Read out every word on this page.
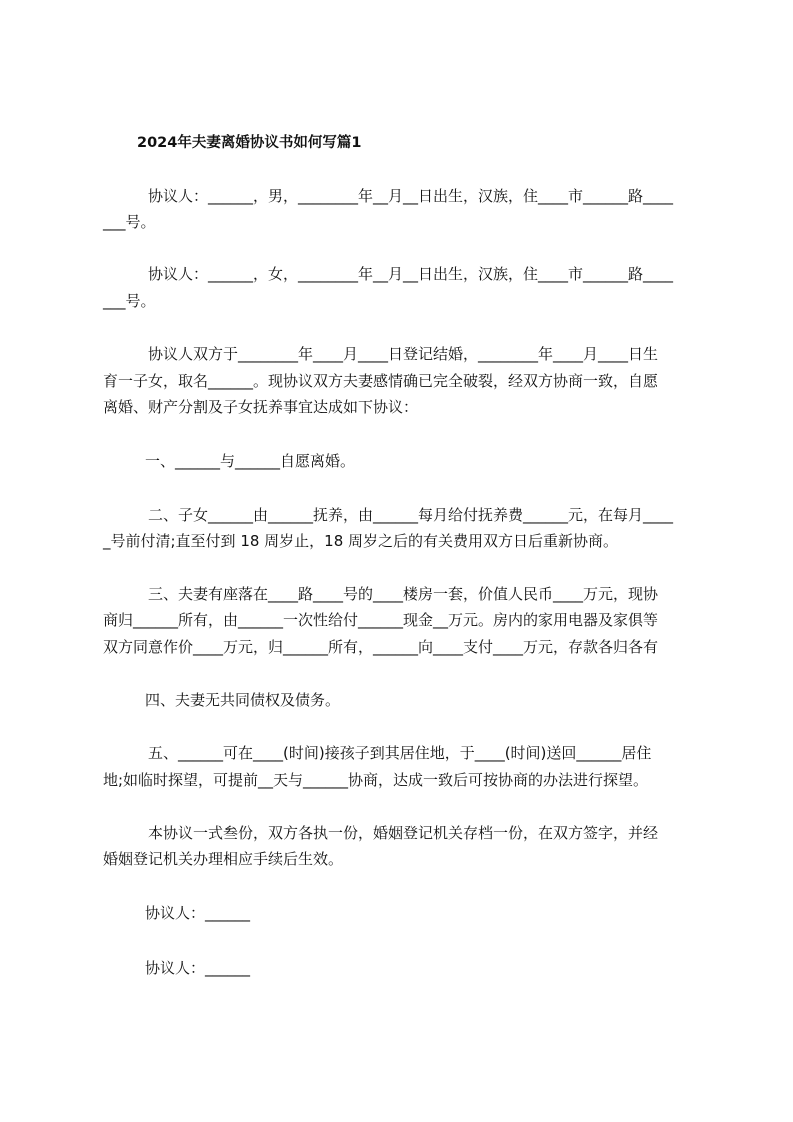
2024年夫妻离婚协议书如何写篇1
协议人：______，男，________年__月__日出生，汉族，住____市______路____
___号。
协议人：______，女，________年__月__日出生，汉族，住____市______路____
___号。
协议人双方于________年____月____日登记结婚，________年____月____日生
育一子女，取名______。现协议双方夫妻感情确已完全破裂，经双方协商一致，自愿
离婚、财产分割及子女抚养事宜达成如下协议：
一、______与______自愿离婚。
二、子女______由______抚养，由______每月给付抚养费______元，在每月____
_号前付清;直至付到 18 周岁止，18 周岁之后的有关费用双方日后重新协商。
三、夫妻有座落在____路____号的____楼房一套，价值人民币____万元，现协
商归______所有，由______一次性给付______现金__万元。房内的家用电器及家俱等
双方同意作价____万元，归______所有，______向____支付____万元，存款各归各有
四、夫妻无共同债权及债务。
五、______可在____(时间)接孩子到其居住地，于____(时间)送回______居住
地;如临时探望，可提前__天与______协商，达成一致后可按协商的办法进行探望。
本协议一式叁份，双方各执一份，婚姻登记机关存档一份，在双方签字，并经
婚姻登记机关办理相应手续后生效。
协议人：______
协议人：______
